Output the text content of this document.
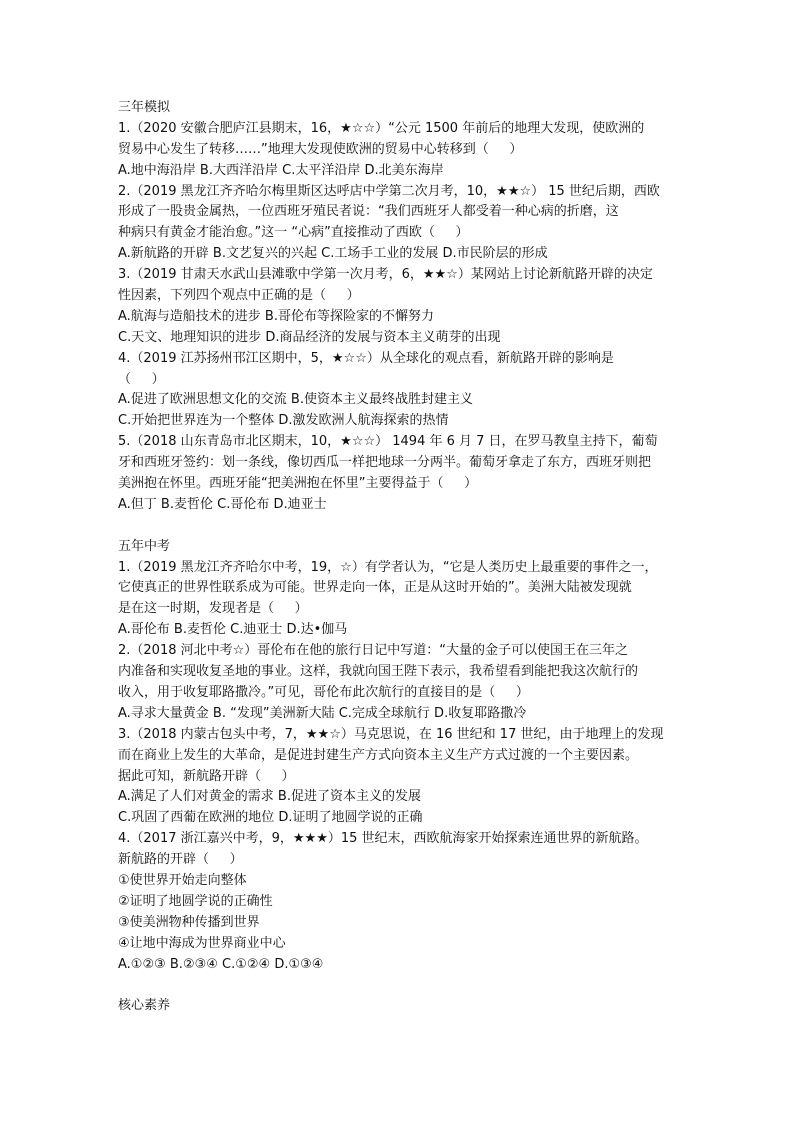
三年模拟
1.（2020 安徽合肥庐江县期末，16，★☆☆）“公元 1500 年前后的地理大发现，使欧洲的
贸易中心发生了转移……”地理大发现使欧洲的贸易中心转移到（     ）
A.地中海沿岸 B.大西洋沿岸 C.太平洋沿岸 D.北美东海岸
2.（2019 黑龙江齐齐哈尔梅里斯区达呼店中学第二次月考，10，★★☆） 15 世纪后期，西欧
形成了一股贵金属热，一位西班牙殖民者说：“我们西班牙人都受着一种心病的折磨，这
种病只有黄金才能治愈。”这一 “心病”直接推动了西欧（     ）
A.新航路的开辟 B.文艺复兴的兴起 C.工场手工业的发展 D.市民阶层的形成
3.（2019 甘肃天水武山县滩歌中学第一次月考，6，★★☆）某网站上讨论新航路开辟的决定
性因素，下列四个观点中正确的是（     ）
A.航海与造船技术的进步 B.哥伦布等探险家的不懈努力
C.天文、地理知识的进步 D.商品经济的发展与资本主义萌芽的出现
4.（2019 江苏扬州邗江区期中，5，★☆☆）从全球化的观点看，新航路开辟的影响是
（     ）
A.促进了欧洲思想文化的交流 B.使资本主义最终战胜封建主义
C.开始把世界连为一个整体 D.激发欧洲人航海探索的热情
5.（2018 山东青岛市北区期末，10，★☆☆） 1494 年 6 月 7 日，在罗马教皇主持下，葡萄
牙和西班牙签约：划一条线，像切西瓜一样把地球一分两半。葡萄牙拿走了东方，西班牙则把
美洲抱在怀里。西班牙能“把美洲抱在怀里”主要得益于（     ）
A.但丁 B.麦哲伦 C.哥伦布 D.迪亚士
五年中考
1.（2019 黑龙江齐齐哈尔中考，19，☆）有学者认为，“它是人类历史上最重要的事件之一，
它使真正的世界性联系成为可能。世界走向一体，正是从这时开始的”。美洲大陆被发现就
是在这一时期，发现者是（     ）
A.哥伦布 B.麦哲伦 C.迪亚士 D.达•伽马
2.（2018 河北中考☆）哥伦布在他的旅行日记中写道：“大量的金子可以使国王在三年之
内准备和实现收复圣地的事业。这样，我就向国王陛下表示，我希望看到能把我这次航行的
收入，用于收复耶路撒冷。”可见，哥伦布此次航行的直接目的是（     ）
A.寻求大量黄金 B. “发现”美洲新大陆 C.完成全球航行 D.收复耶路撒冷
3.（2018 内蒙古包头中考，7，★★☆）马克思说，在 16 世纪和 17 世纪，由于地理上的发现
而在商业上发生的大革命，是促进封建生产方式向资本主义生产方式过渡的一个主要因素。
据此可知，新航路开辟（     ）
A.满足了人们对黄金的需求 B.促进了资本主义的发展
C.巩固了西葡在欧洲的地位 D.证明了地圆学说的正确
4.（2017 浙江嘉兴中考，9，★★★）15 世纪末，西欧航海家开始探索连通世界的新航路。
新航路的开辟（     ）
①使世界开始走向整体
②证明了地圆学说的正确性
③使美洲物种传播到世界
④让地中海成为世界商业中心
A.①②③ B.②③④ C.①②④ D.①③④
核心素养
